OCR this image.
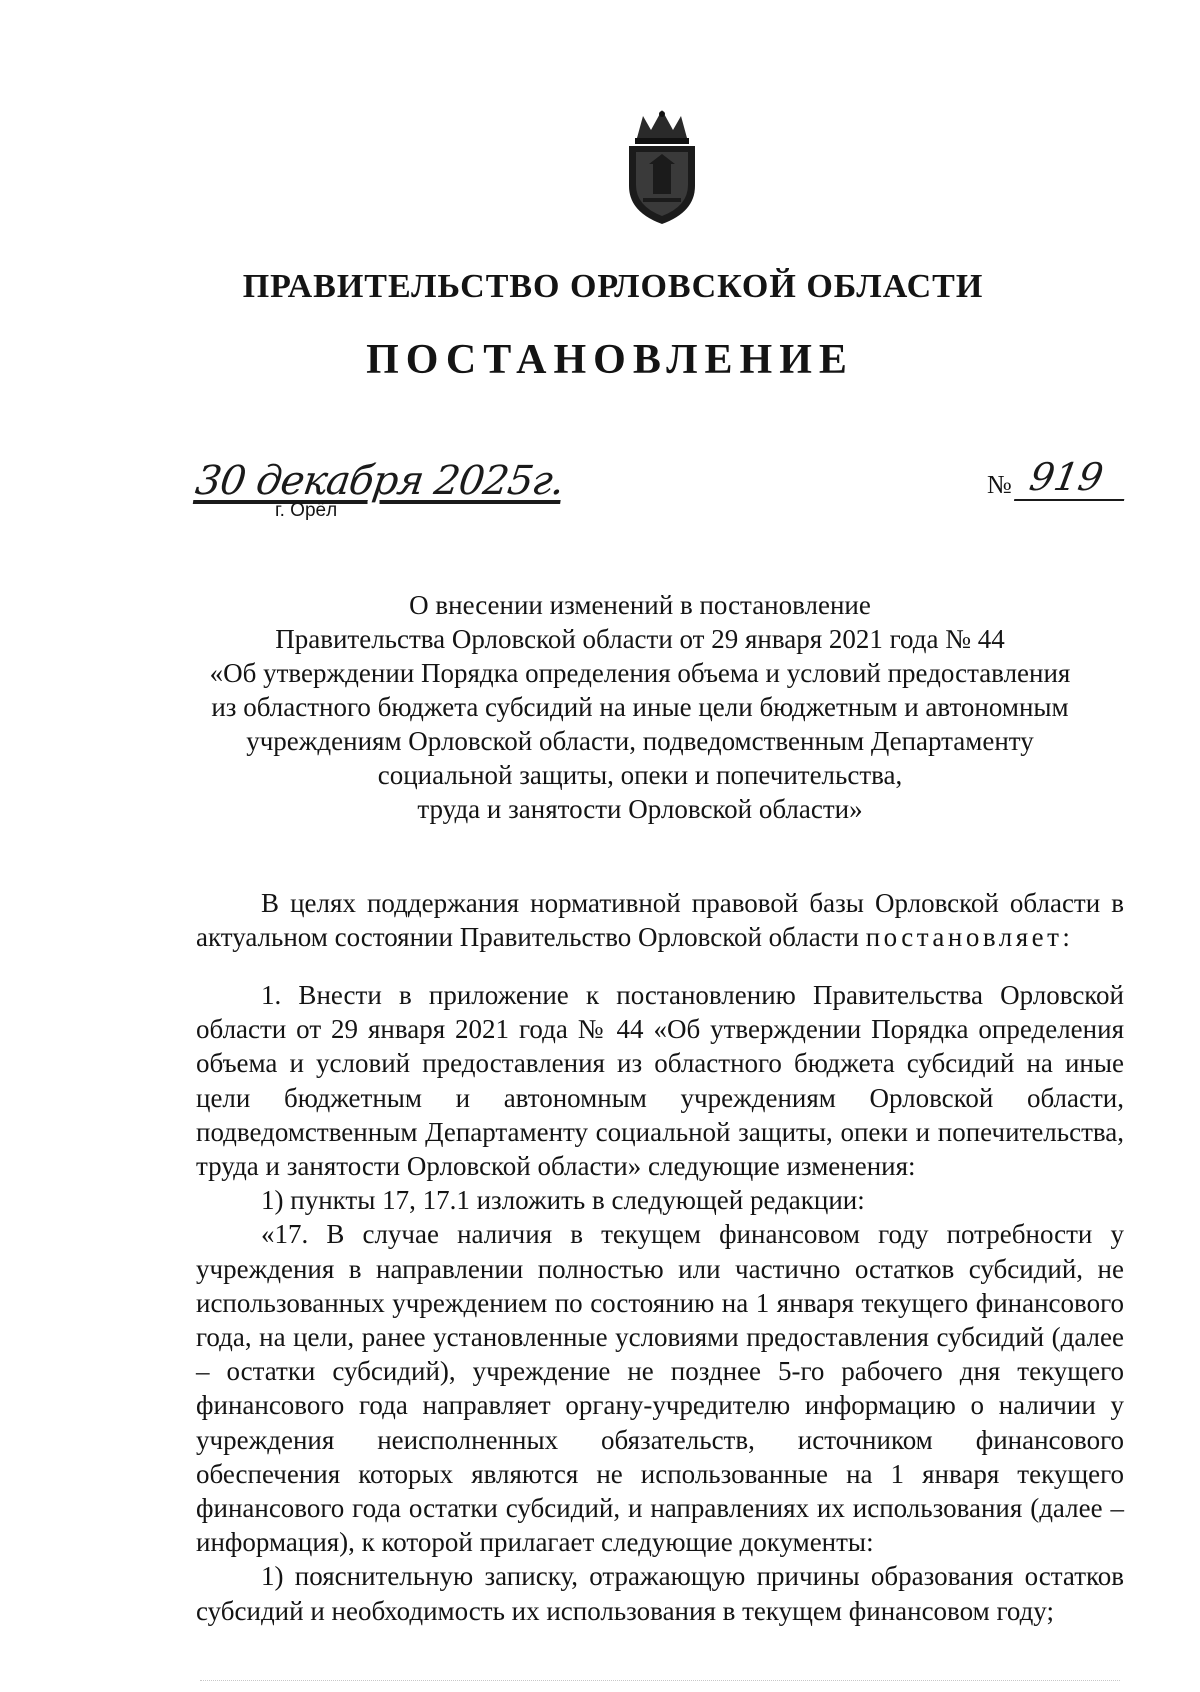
ПРАВИТЕЛЬСТВО ОРЛОВСКОЙ ОБЛАСТИ
ПОСТАНОВЛЕНИЕ
30 декабря 2025г.
г. Орёл
№ 919
О внесении изменений в постановление
Правительства Орловской области от 29 января 2021 года № 44
«Об утверждении Порядка определения объема и условий предоставления
из областного бюджета субсидий на иные цели бюджетным и автономным
учреждениям Орловской области, подведомственным Департаменту
социальной защиты, опеки и попечительства,
труда и занятости Орловской области»

В целях поддержания нормативной правовой базы Орловской области в актуальном состоянии Правительство Орловской области постановляет:

1. Внести в приложение к постановлению Правительства Орловской области от 29 января 2021 года № 44 «Об утверждении Порядка определения объема и условий предоставления из областного бюджета субсидий на иные цели бюджетным и автономным учреждениям Орловской области, подведомственным Департаменту социальной защиты, опеки и попечительства, труда и занятости Орловской области» следующие изменения:

1) пункты 17, 17.1 изложить в следующей редакции:

«17. В случае наличия в текущем финансовом году потребности у учреждения в направлении полностью или частично остатков субсидий, не использованных учреждением по состоянию на 1 января текущего финансового года, на цели, ранее установленные условиями предоставления субсидий (далее – остатки субсидий), учреждение не позднее 5-го рабочего дня текущего финансового года направляет органу-учредителю информацию о наличии у учреждения неисполненных обязательств, источником финансового обеспечения которых являются не использованные на 1 января текущего финансового года остатки субсидий, и направлениях их использования (далее – информация), к которой прилагает следующие документы:

1) пояснительную записку, отражающую причины образования остатков субсидий и необходимость их использования в текущем финансовом году;
